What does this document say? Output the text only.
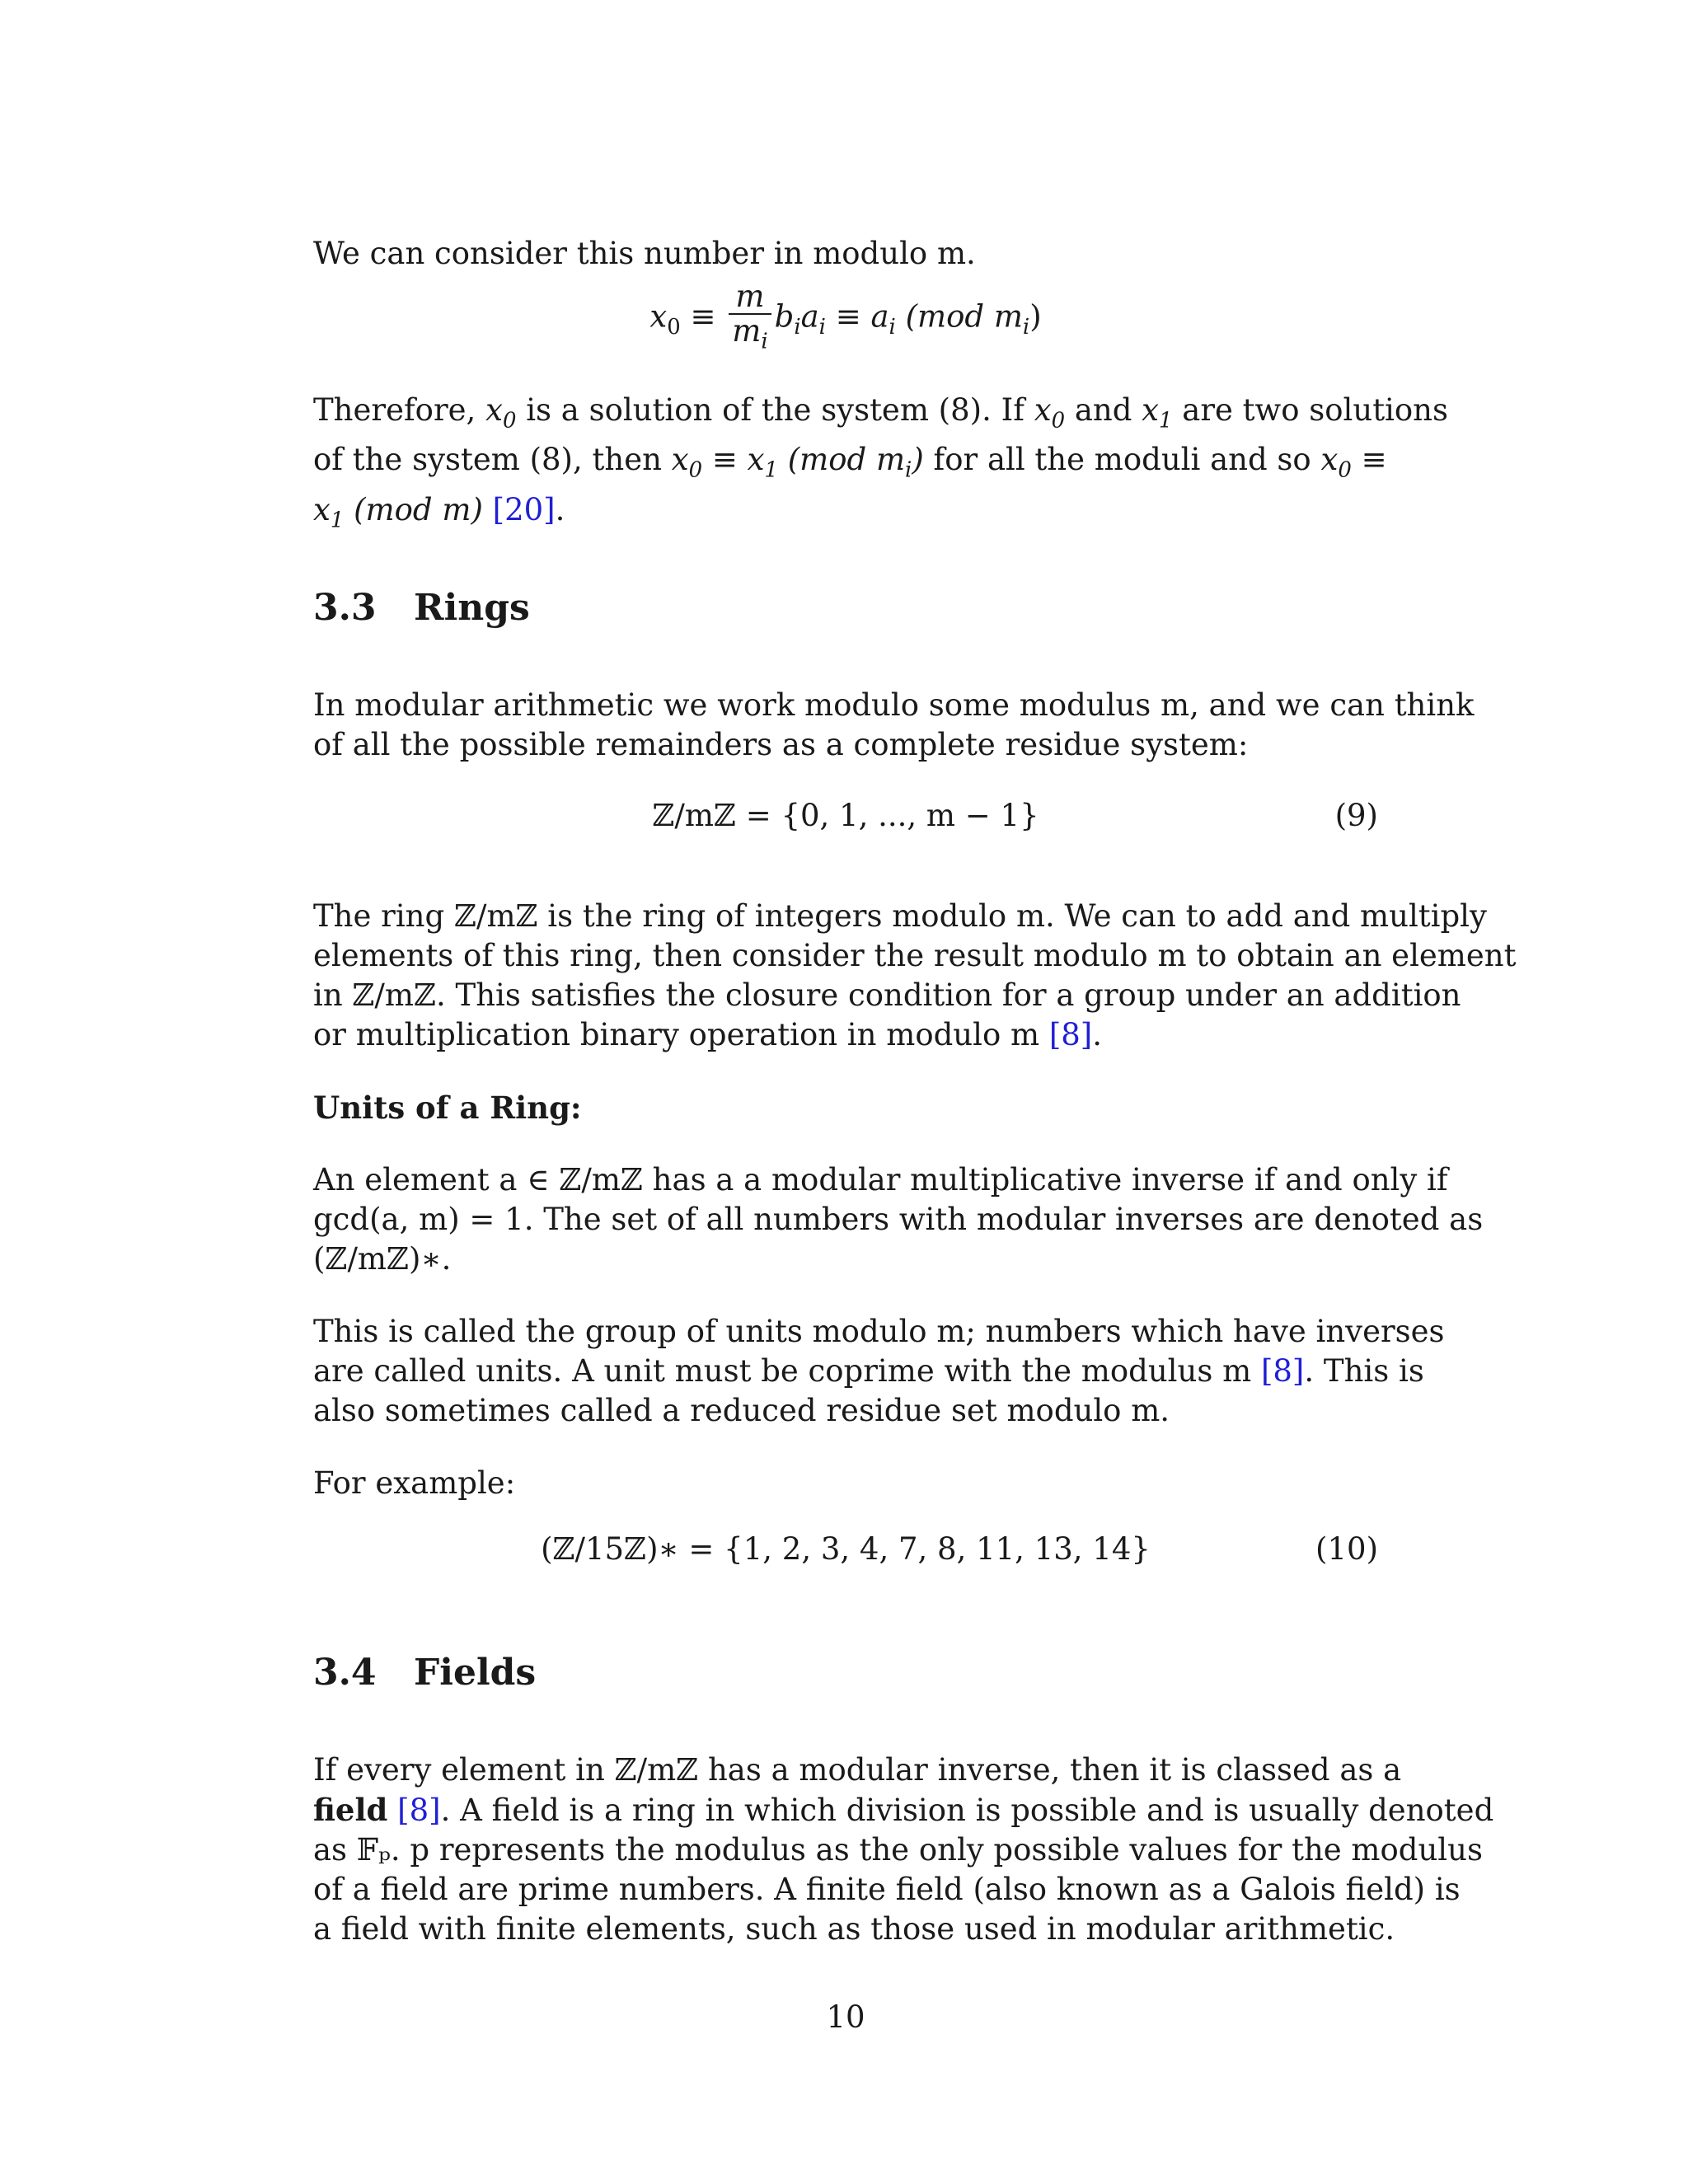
We can consider this number in modulo m.

$x_0 \equiv \frac{m}{m_i} b_ia_i \equiv a_i$ (mod $m_i$)

Therefore, $x_0$ is a solution of the system (8). If $x_0$ and $x_1$ are two solutions
of the system (8), then $x_0 \equiv x_1$ (mod $m_i$) for all the moduli and so $x_0$ ≡
$x_1$ (mod m) [20].

3.3 Rings

In modular arithmetic we work modulo some modulus m, and we can think
of all the possible remainders as a complete residue system:

ℤ/mℤ = {0, 1, ..., m − 1}	(9)

The ring ℤ/mℤ is the ring of integers modulo m. We can to add and multiply
elements of this ring, then consider the result modulo m to obtain an element
in ℤ/mℤ. This satisfies the closure condition for a group under an addition
or multiplication binary operation in modulo m [8].

Units of a Ring:

An element a ∈ ℤ/mℤ has a a modular multiplicative inverse if and only if
gcd(a, m) = 1. The set of all numbers with modular inverses are denoted as
(ℤ/mℤ)∗.

This is called the group of units modulo m; numbers which have inverses
are called units. A unit must be coprime with the modulus m [8]. This is
also sometimes called a reduced residue set modulo m.

For example:

(ℤ/15ℤ)∗ = {1, 2, 3, 4, 7, 8, 11, 13, 14}	(10)
3.4 Fields

If every element in ℤ/mℤ has a modular inverse, then it is classed as a
field [8]. A field is a ring in which division is possible and is usually denoted
as 𝔽ₚ. p represents the modulus as the only possible values for the modulus
of a field are prime numbers. A finite field (also known as a Galois field) is
a field with finite elements, such as those used in modular arithmetic.

10
